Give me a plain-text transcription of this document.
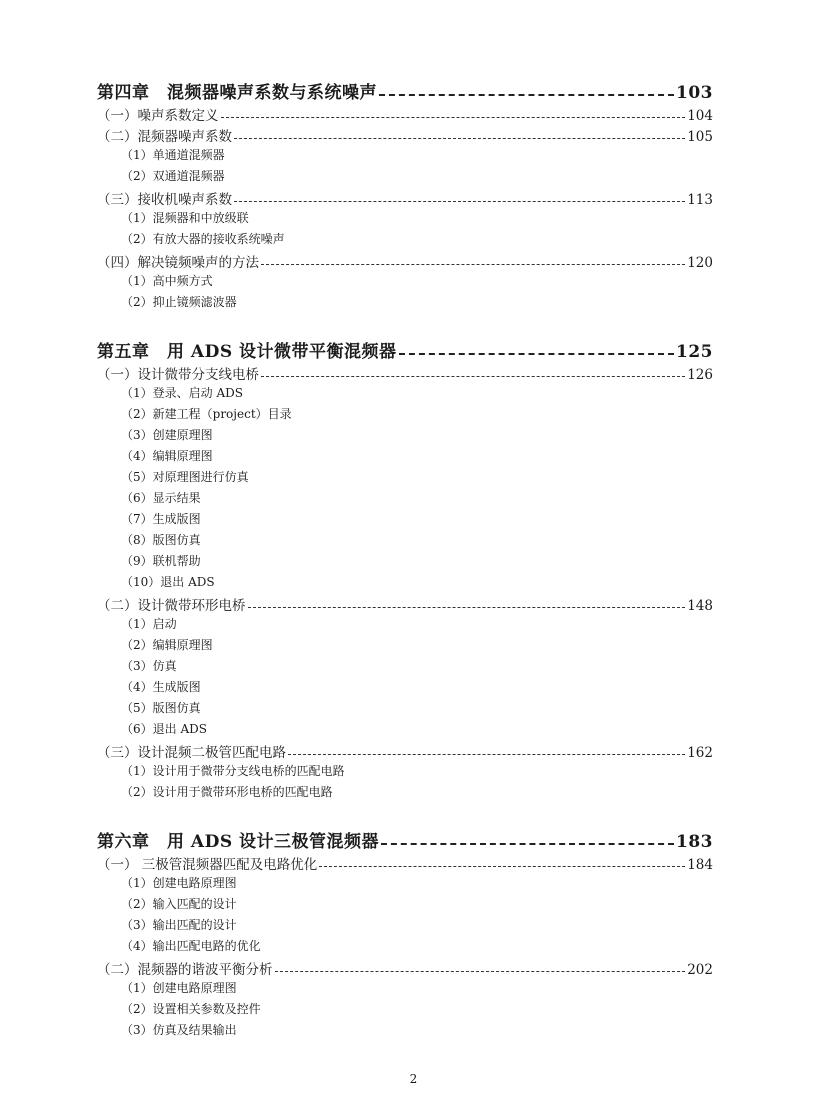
第四章　混频器噪声系数与系统噪声	103
（一）噪声系数定义	104
（二）混频器噪声系数	105
（1）单通道混频器
（2）双通道混频器
（三）接收机噪声系数	113
（1）混频器和中放级联
（2）有放大器的接收系统噪声
（四）解决镜频噪声的方法	120
（1）高中频方式
（2）抑止镜频滤波器
第五章　用 ADS 设计微带平衡混频器	125
（一）设计微带分支线电桥	126
（1）登录、启动 ADS
（2）新建工程（project）目录
（3）创建原理图
（4）编辑原理图
（5）对原理图进行仿真
（6）显示结果
（7）生成版图
（8）版图仿真
（9）联机帮助
（10）退出 ADS
（二）设计微带环形电桥	148
（1）启动
（2）编辑原理图
（3）仿真
（4）生成版图
（5）版图仿真
（6）退出 ADS
（三）设计混频二极管匹配电路	162
（1）设计用于微带分支线电桥的匹配电路
（2）设计用于微带环形电桥的匹配电路
第六章　用 ADS 设计三极管混频器	183
（一） 三极管混频器匹配及电路优化	184
（1）创建电路原理图
（2）输入匹配的设计
（3）输出匹配的设计
（4）输出匹配电路的优化
（二）混频器的谐波平衡分析	202
（1）创建电路原理图
（2）设置相关参数及控件
（3）仿真及结果输出
2
